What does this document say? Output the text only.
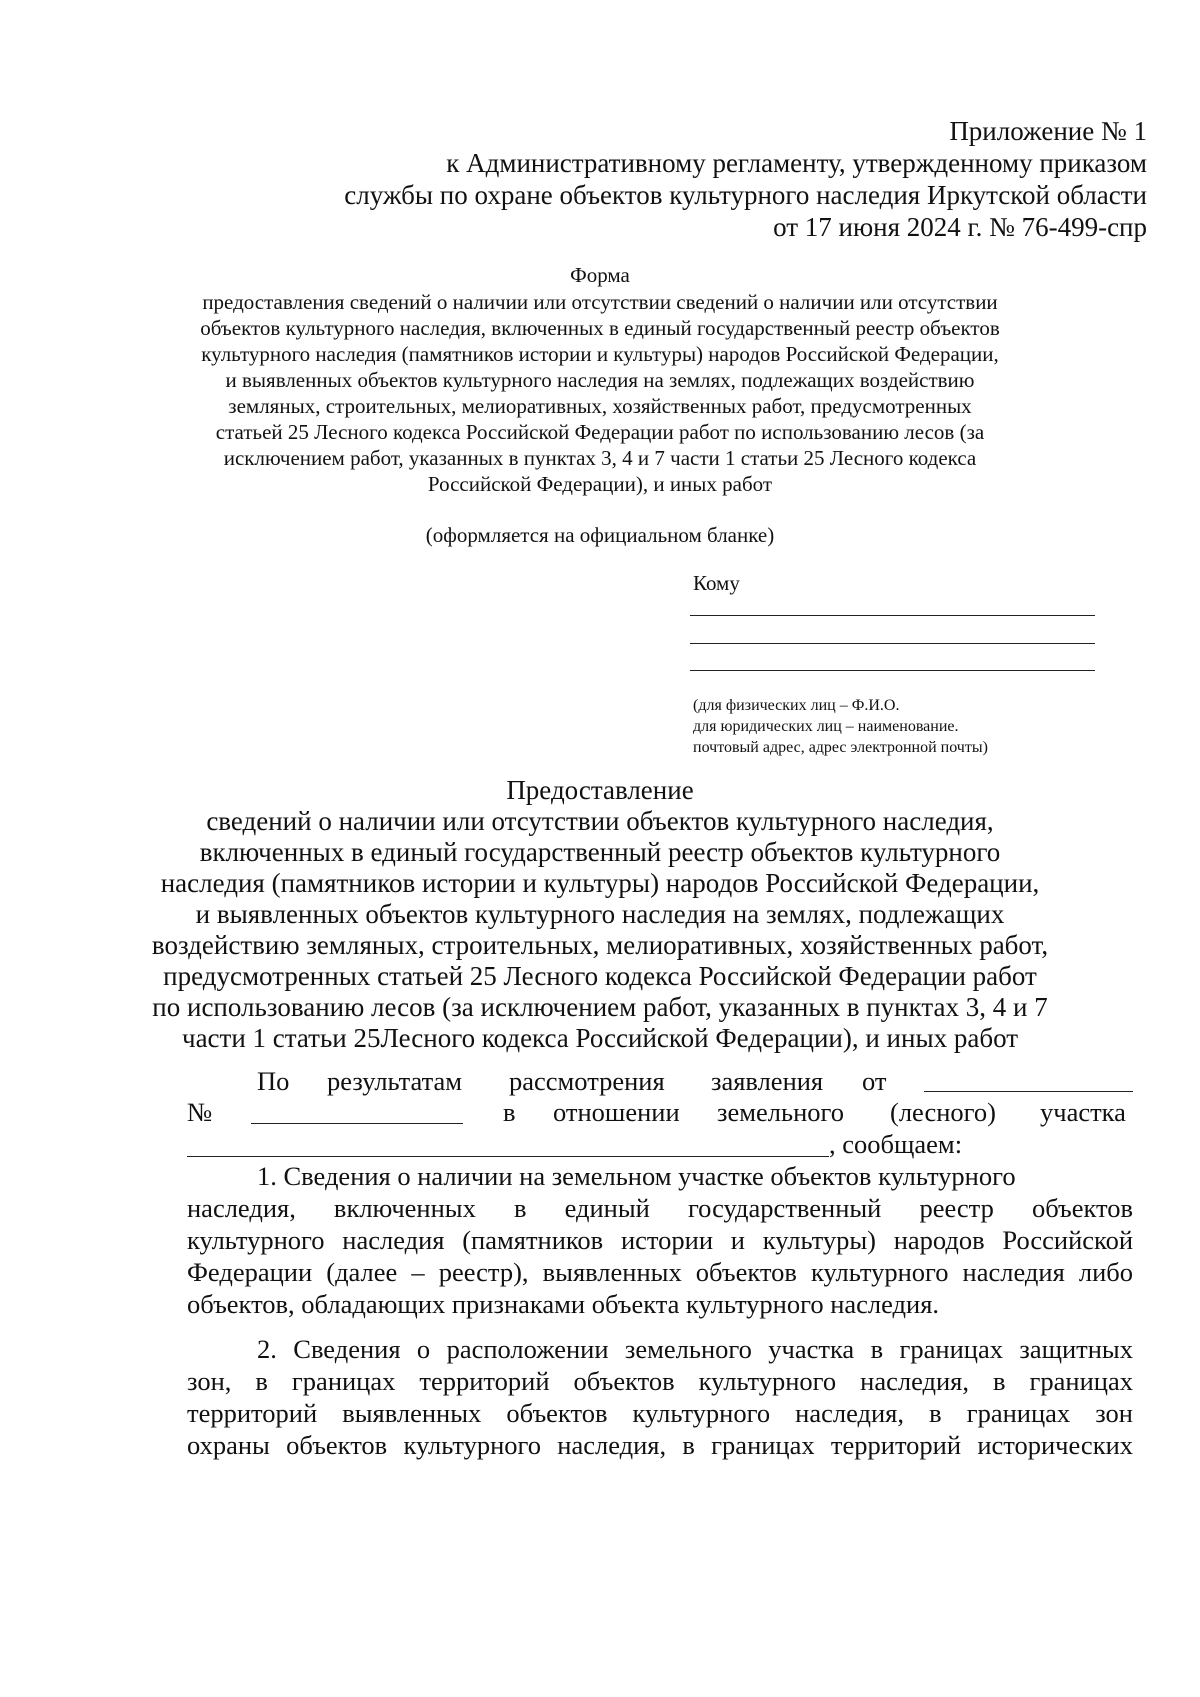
Приложение № 1
к Административному регламенту, утвержденному приказом
службы по охране объектов культурного наследия Иркутской области
от 17 июня 2024 г. № 76-499-спр
Форма
предоставления сведений о наличии или отсутствии сведений о наличии или отсутствии
объектов культурного наследия, включенных в единый государственный реестр объектов
культурного наследия (памятников истории и культуры) народов Российской Федерации,
и выявленных объектов культурного наследия на землях, подлежащих воздействию
земляных, строительных, мелиоративных, хозяйственных работ, предусмотренных
статьей 25 Лесного кодекса Российской Федерации работ по использованию лесов (за
исключением работ, указанных в пунктах 3, 4 и 7 части 1 статьи 25 Лесного кодекса
Российской Федерации), и иных работ
(оформляется на официальном бланке)
Кому
(для физических лиц – Ф.И.О.
для юридических лиц – наименование.
почтовый адрес, адрес электронной почты)
Предоставление
сведений о наличии или отсутствии объектов культурного наследия,
включенных в единый государственный реестр объектов культурного
наследия (памятников истории и культуры) народов Российской Федерации,
и выявленных объектов культурного наследия на землях, подлежащих
воздействию земляных, строительных, мелиоративных, хозяйственных работ,
предусмотренных статьей 25 Лесного кодекса Российской Федерации работ
по использованию лесов (за исключением работ, указанных в пунктах 3, 4 и 7
части 1 статьи 25Лесного кодекса Российской Федерации), и иных работ
По результатам рассмотрения заявления от
№	в отношении земельного (лесного) участка
, сообщаем:
1. Сведения о наличии на земельном участке объектов культурного
наследия, включенных в единый государственный реестр объектов
культурного наследия (памятников истории и культуры) народов Российской
Федерации (далее – реестр), выявленных объектов культурного наследия либо
объектов, обладающих признаками объекта культурного наследия.
2. Сведения о расположении земельного участка в границах защитных
зон, в границах территорий объектов культурного наследия, в границах
территорий выявленных объектов культурного наследия, в границах зон
охраны объектов культурного наследия, в границах территорий исторических
